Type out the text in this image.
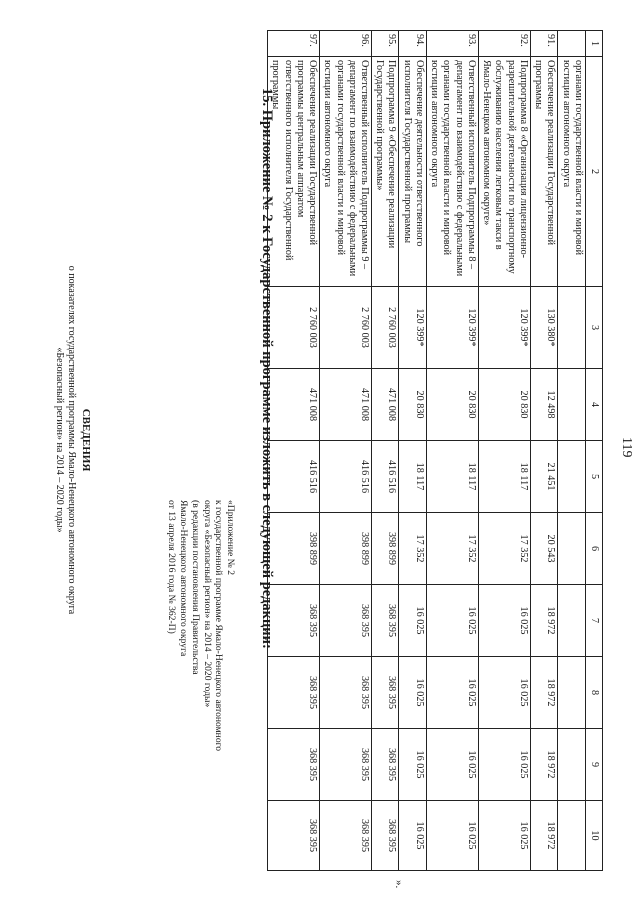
119
1	2	3	4	5	6	7	8	9	10
	органами государственной власти и мировой юстиции автономного округа								
91.	Обеспечение реализации Государственной программы	130 380*	12 498	21 451	20 543	18 972	18 972	18 972	18 972
92.	Подпрограмма 8 «Организация лицензионно-разрешительной деятельности по транспортному обслуживанию населения легковым такси в Ямало-Ненецком автономном округе»	120 399*	20 830	18 117	17 352	16 025	16 025	16 025	16 025
93.	Ответственный исполнитель Подпрограммы 8 – департамент по взаимодействию с федеральными органами государственной власти и мировой юстиции автономного округа	120 399*	20 830	18 117	17 352	16 025	16 025	16 025	16 025
94.	Обеспечение деятельности ответственного исполнителя Государственной программы	120 399*	20 830	18 117	17 352	16 025	16 025	16 025	16 025
95.	Подпрограмма 9 «Обеспечение реализации Государственной программы»	2 760 003	471 008	416 516	398 899	368 395	368 395	368 395	368 395
96.	Ответственный исполнитель Подпрограммы 9 – департамент по взаимодействию с федеральными органами государственной власти и мировой юстиции автономного округа	2 760 003	471 008	416 516	398 899	368 395	368 395	368 395	368 395
97.	Обеспечение реализации Государственной программы центральным аппаратом ответственного исполнителя Государственной программы	2 760 003	471 008	416 516	398 899	368 395	368 395	368 395	368 395
».
15. Приложение № 2 к Государственной программе изложить в следующей редакции:
«Приложение № 2
к государственной программе Ямало-Ненецкого автономного
округа «Безопасный регион» на 2014 – 2020 годы»
(в редакции постановления Правительства
Ямало-Ненецкого автономного округа
от 13 апреля 2016 года № 362-П)
СВЕДЕНИЯ
о показателях государственной программы Ямало-Ненецкого автономного округа
«Безопасный регион» на 2014 – 2020 годы»
